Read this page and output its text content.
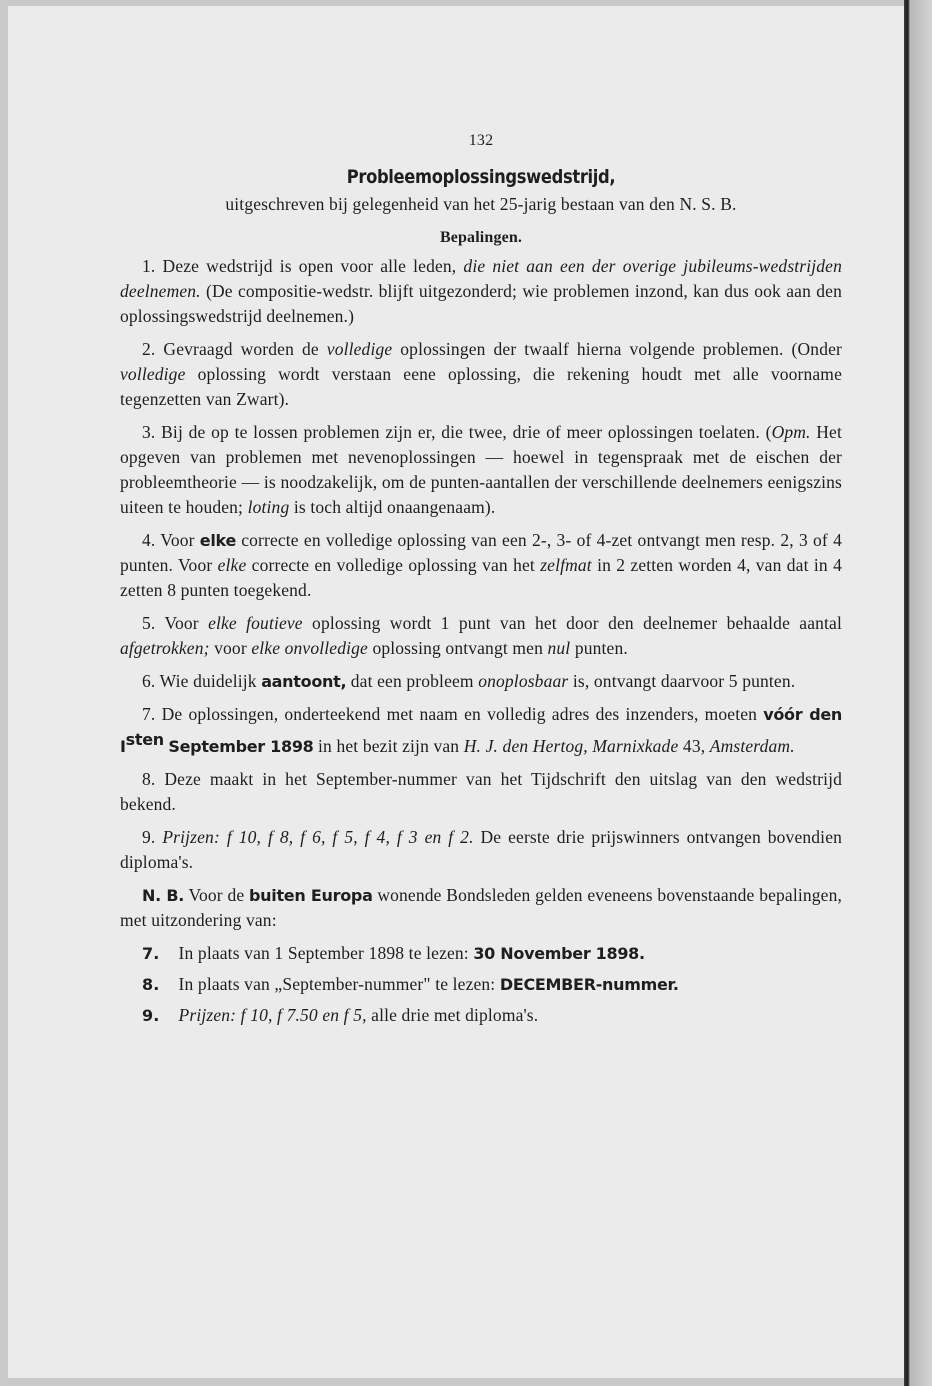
132
Probleemoplossingswedstrijd,
uitgeschreven bij gelegenheid van het 25-jarig bestaan van den N. S. B.
Bepalingen.

1. Deze wedstrijd is open voor alle leden, die niet aan een der overige jubileums-wedstrijden deelnemen. (De compositie-wedstr. blijft uitgezonderd; wie problemen inzond, kan dus ook aan den oplossingswedstrijd deelnemen.)

2. Gevraagd worden de volledige oplossingen der twaalf hierna volgende problemen. (Onder volledige oplossing wordt verstaan eene oplossing, die rekening houdt met alle voorname tegenzetten van Zwart).

3. Bij de op te lossen problemen zijn er, die twee, drie of meer oplossingen toelaten. (Opm. Het opgeven van problemen met nevenoplossingen — hoewel in tegenspraak met de eischen der probleemtheorie — is noodzakelijk, om de punten-aantallen der verschillende deelnemers eenigszins uiteen te houden; loting is toch altijd onaangenaam).

4. Voor elke correcte en volledige oplossing van een 2-, 3- of 4-zet ontvangt men resp. 2, 3 of 4 punten. Voor elke correcte en volledige oplossing van het zelfmat in 2 zetten worden 4, van dat in 4 zetten 8 punten toegekend.

5. Voor elke foutieve oplossing wordt 1 punt van het door den deelnemer behaalde aantal afgetrokken; voor elke onvolledige oplossing ontvangt men nul punten.

6. Wie duidelijk aantoont, dat een probleem onoplosbaar is, ontvangt daarvoor 5 punten.

7. De oplossingen, onderteekend met naam en volledig adres des inzenders, moeten vóór den $I^{sten}$ September 1898 in het bezit zijn van H. J. den Hertog, Marnixkade 43, Amsterdam.

8. Deze maakt in het September-nummer van het Tijdschrift den uitslag van den wedstrijd bekend.

9. Prijzen: f 10, f 8, f 6, f 5, f 4, f 3 en f 2. De eerste drie prijswinners ontvangen bovendien diploma's.

N. B. Voor de buiten Europa wonende Bondsleden gelden eveneens bovenstaande bepalingen, met uitzondering van:

7. In plaats van 1 September 1898 te lezen: 30 November 1898.
8. In plaats van „September-nummer" te lezen: DECEMBER-nummer.
9. Prijzen: f 10, f 7.50 en f 5, alle drie met diploma's.
